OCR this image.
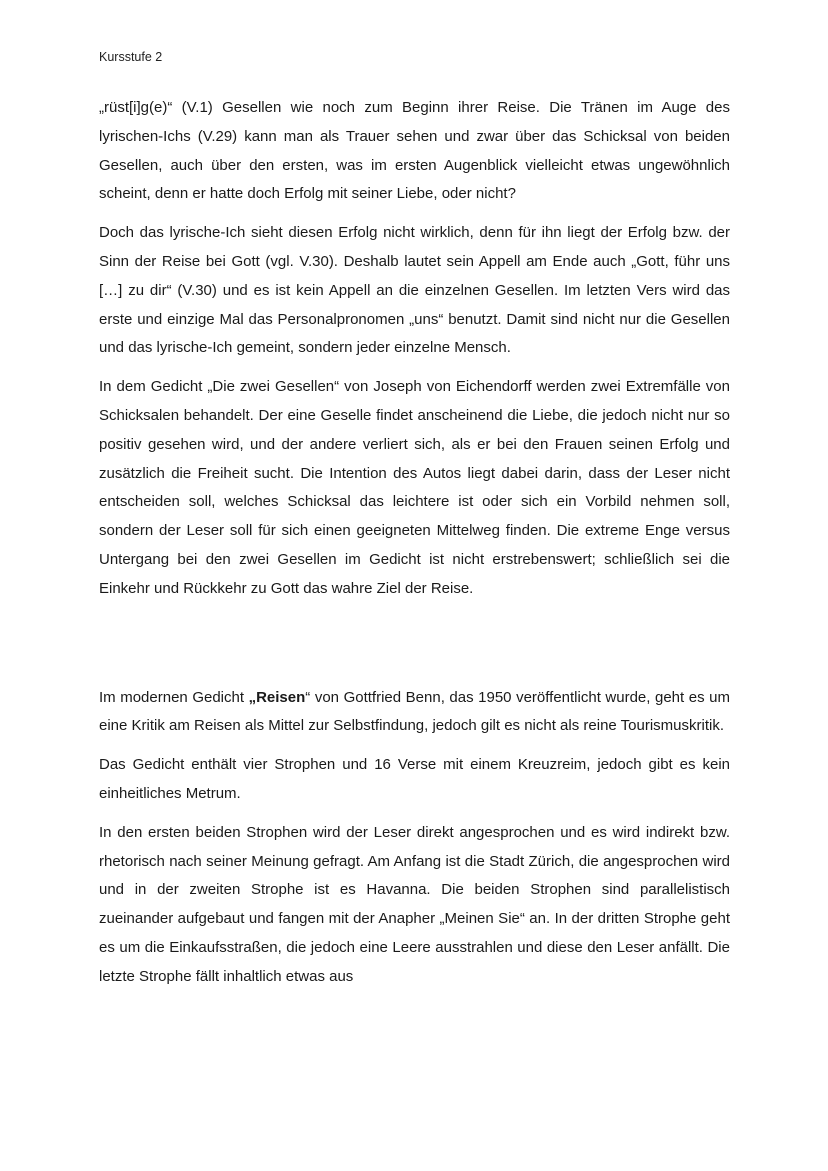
Kursstufe 2

„rüst[i]g(e)“ (V.1) Gesellen wie noch zum Beginn ihrer Reise. Die Tränen im Auge des lyrischen-Ichs (V.29) kann man als Trauer sehen und zwar über das Schicksal von beiden Gesellen, auch über den ersten, was im ersten Augenblick vielleicht etwas ungewöhnlich scheint, denn er hatte doch Erfolg mit seiner Liebe, oder nicht?

Doch das lyrische-Ich sieht diesen Erfolg nicht wirklich, denn für ihn liegt der Erfolg bzw. der Sinn der Reise bei Gott (vgl. V.30). Deshalb lautet sein Appell am Ende auch „Gott, führ uns […] zu dir“ (V.30) und es ist kein Appell an die einzelnen Gesellen. Im letzten Vers wird das erste und einzige Mal das Personalpronomen „uns“ benutzt. Damit sind nicht nur die Gesellen und das lyrische-Ich gemeint, sondern jeder einzelne Mensch.

In dem Gedicht „Die zwei Gesellen“ von Joseph von Eichendorff werden zwei Extremfälle von Schicksalen behandelt. Der eine Geselle findet anscheinend die Liebe, die jedoch nicht nur so positiv gesehen wird, und der andere verliert sich, als er bei den Frauen seinen Erfolg und zusätzlich die Freiheit sucht. Die Intention des Autos liegt dabei darin, dass der Leser nicht entscheiden soll, welches Schicksal das leichtere ist oder sich ein Vorbild nehmen soll, sondern der Leser soll für sich einen geeigneten Mittelweg finden. Die extreme Enge versus Untergang bei den zwei Gesellen im Gedicht ist nicht erstrebenswert; schließlich sei die Einkehr und Rückkehr zu Gott das wahre Ziel der Reise.

Im modernen Gedicht „Reisen“ von Gottfried Benn, das 1950 veröffentlicht wurde, geht es um eine Kritik am Reisen als Mittel zur Selbstfindung, jedoch gilt es nicht als reine Tourismuskritik.

Das Gedicht enthält vier Strophen und 16 Verse mit einem Kreuzreim, jedoch gibt es kein einheitliches Metrum.

In den ersten beiden Strophen wird der Leser direkt angesprochen und es wird indirekt bzw. rhetorisch nach seiner Meinung gefragt. Am Anfang ist die Stadt Zürich, die angesprochen wird und in der zweiten Strophe ist es Havanna. Die beiden Strophen sind parallelistisch zueinander aufgebaut und fangen mit der Anapher „Meinen Sie“ an. In der dritten Strophe geht es um die Einkaufsstraßen, die jedoch eine Leere ausstrahlen und diese den Leser anfällt. Die letzte Strophe fällt inhaltlich etwas aus
